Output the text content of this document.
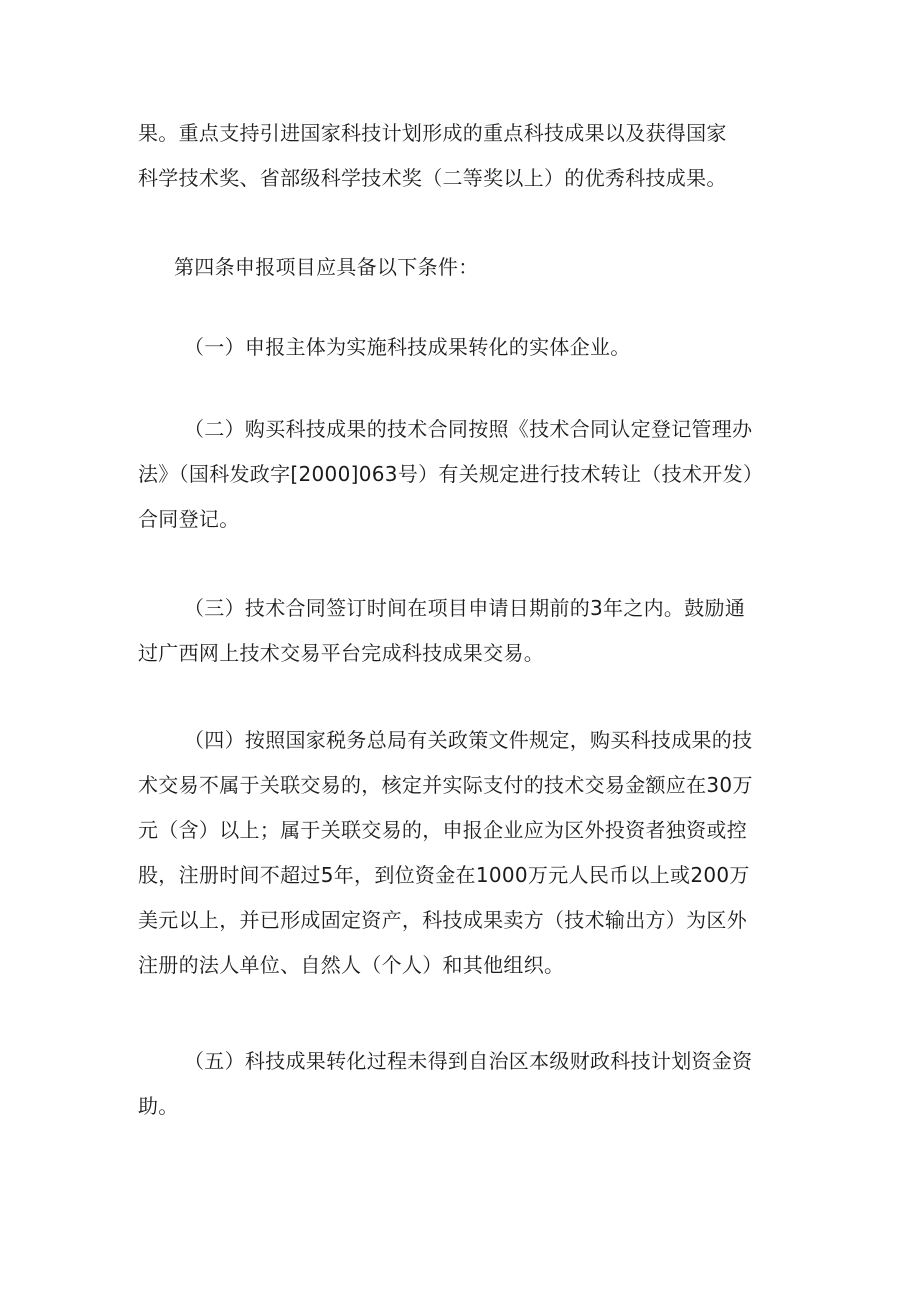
果。重点支持引进国家科技计划形成的重点科技成果以及获得国家
科学技术奖、省部级科学技术奖（二等奖以上）的优秀科技成果。

第四条申报项目应具备以下条件：

（一）申报主体为实施科技成果转化的实体企业。

（二）购买科技成果的技术合同按照《技术合同认定登记管理办
法》（国科发政字[2000]063号）有关规定进行技术转让（技术开发）
合同登记。

（三）技术合同签订时间在项目申请日期前的3年之内。鼓励通
过广西网上技术交易平台完成科技成果交易。

（四）按照国家税务总局有关政策文件规定，购买科技成果的技
术交易不属于关联交易的，核定并实际支付的技术交易金额应在30万
元（含）以上；属于关联交易的，申报企业应为区外投资者独资或控
股，注册时间不超过5年，到位资金在1000万元人民币以上或200万
美元以上，并已形成固定资产，科技成果卖方（技术输出方）为区外
注册的法人单位、自然人（个人）和其他组织。

（五）科技成果转化过程未得到自治区本级财政科技计划资金资
助。
